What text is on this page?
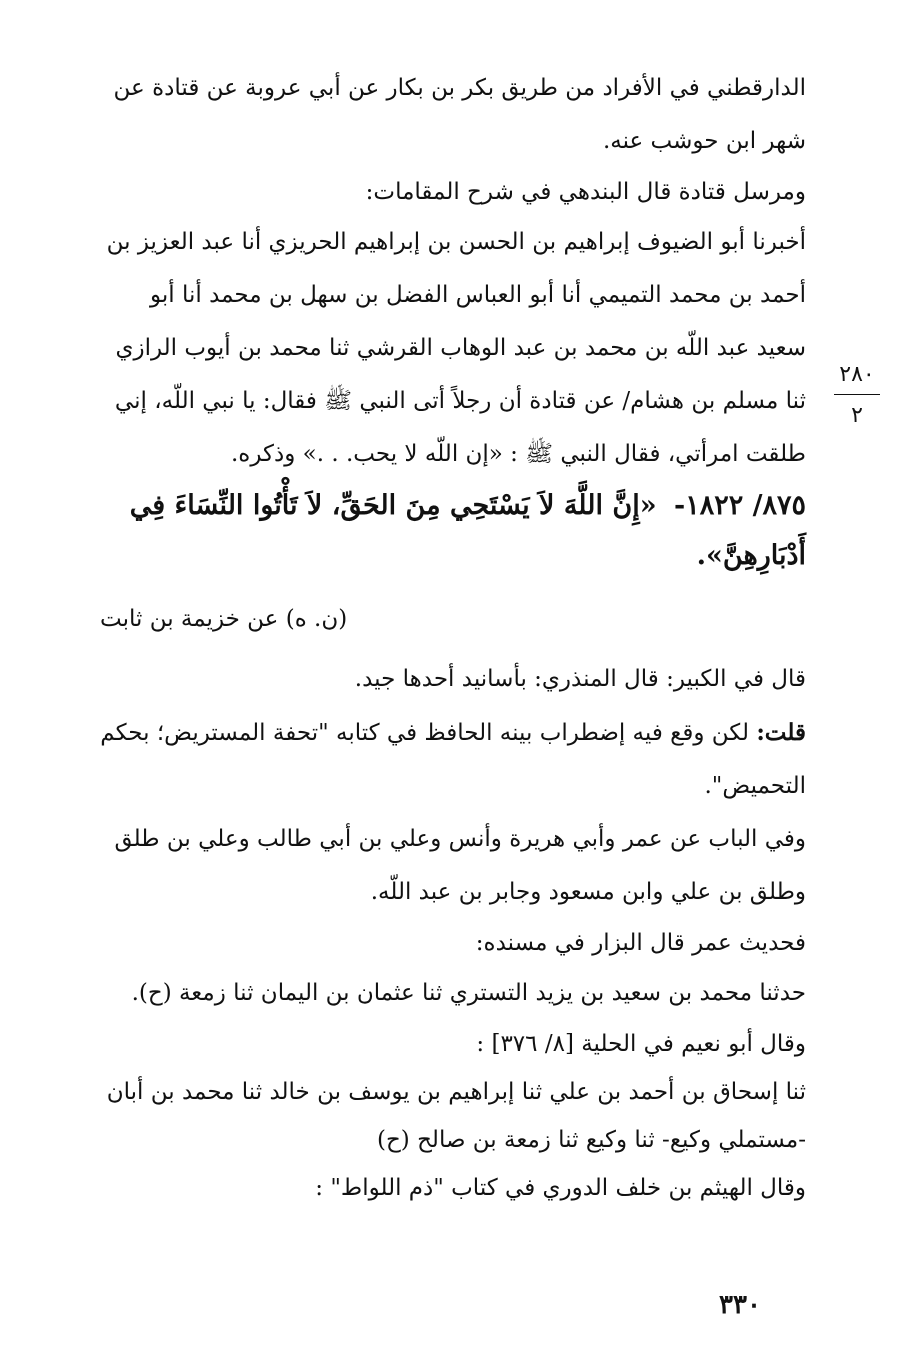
الدارقطني في الأفراد من طريق بكر بن بكار عن أبي عروبة عن قتادة عن شهر ابن حوشب عنه.

ومرسل قتادة قال البندهي في شرح المقامات:

أخبرنا أبو الضيوف إبراهيم بن الحسن بن إبراهيم الحريزي أنا عبد العزيز بن أحمد بن محمد التميمي أنا أبو العباس الفضل بن سهل بن محمد أنا أبو سعيد عبد اللّه بن محمد بن عبد الوهاب القرشي ثنا محمد بن أيوب الرازي ثنا مسلم بن هشام/ عن قتادة أن رجلاً أتى النبي ﷺ فقال: يا نبي اللّه، إني طلقت امرأتي، فقال النبي ﷺ : «إن اللّه لا يحب. . .» وذكره.

٨٧٥/ ١٨٢٢- «إِنَّ اللَّهَ لاَ يَسْتَحِي مِنَ الحَقِّ، لاَ تَأْتُوا النِّسَاءَ فِي أَدْبَارِهِنَّ».

(ن. ه) عن خزيمة بن ثابت

قال في الكبير: قال المنذري: بأسانيد أحدها جيد.

قلت: لكن وقع فيه إضطراب بينه الحافظ في كتابه "تحفة المستريض؛ بحكم التحميض".

وفي الباب عن عمر وأبي هريرة وأنس وعلي بن أبي طالب وعلي بن طلق وطلق بن علي وابن مسعود وجابر بن عبد اللّه.

فحديث عمر قال البزار في مسنده:

حدثنا محمد بن سعيد بن يزيد التستري ثنا عثمان بن اليمان ثنا زمعة (ح).

وقال أبو نعيم في الحلية [٨/ ٣٧٦] :

ثنا إسحاق بن أحمد بن علي ثنا إبراهيم بن يوسف بن خالد ثنا محمد بن أبان -مستملي وكيع- ثنا وكيع ثنا زمعة بن صالح (ح)

وقال الهيثم بن خلف الدوري في كتاب "ذم اللواط" :

٢٨٠
٢
٣٣٠
